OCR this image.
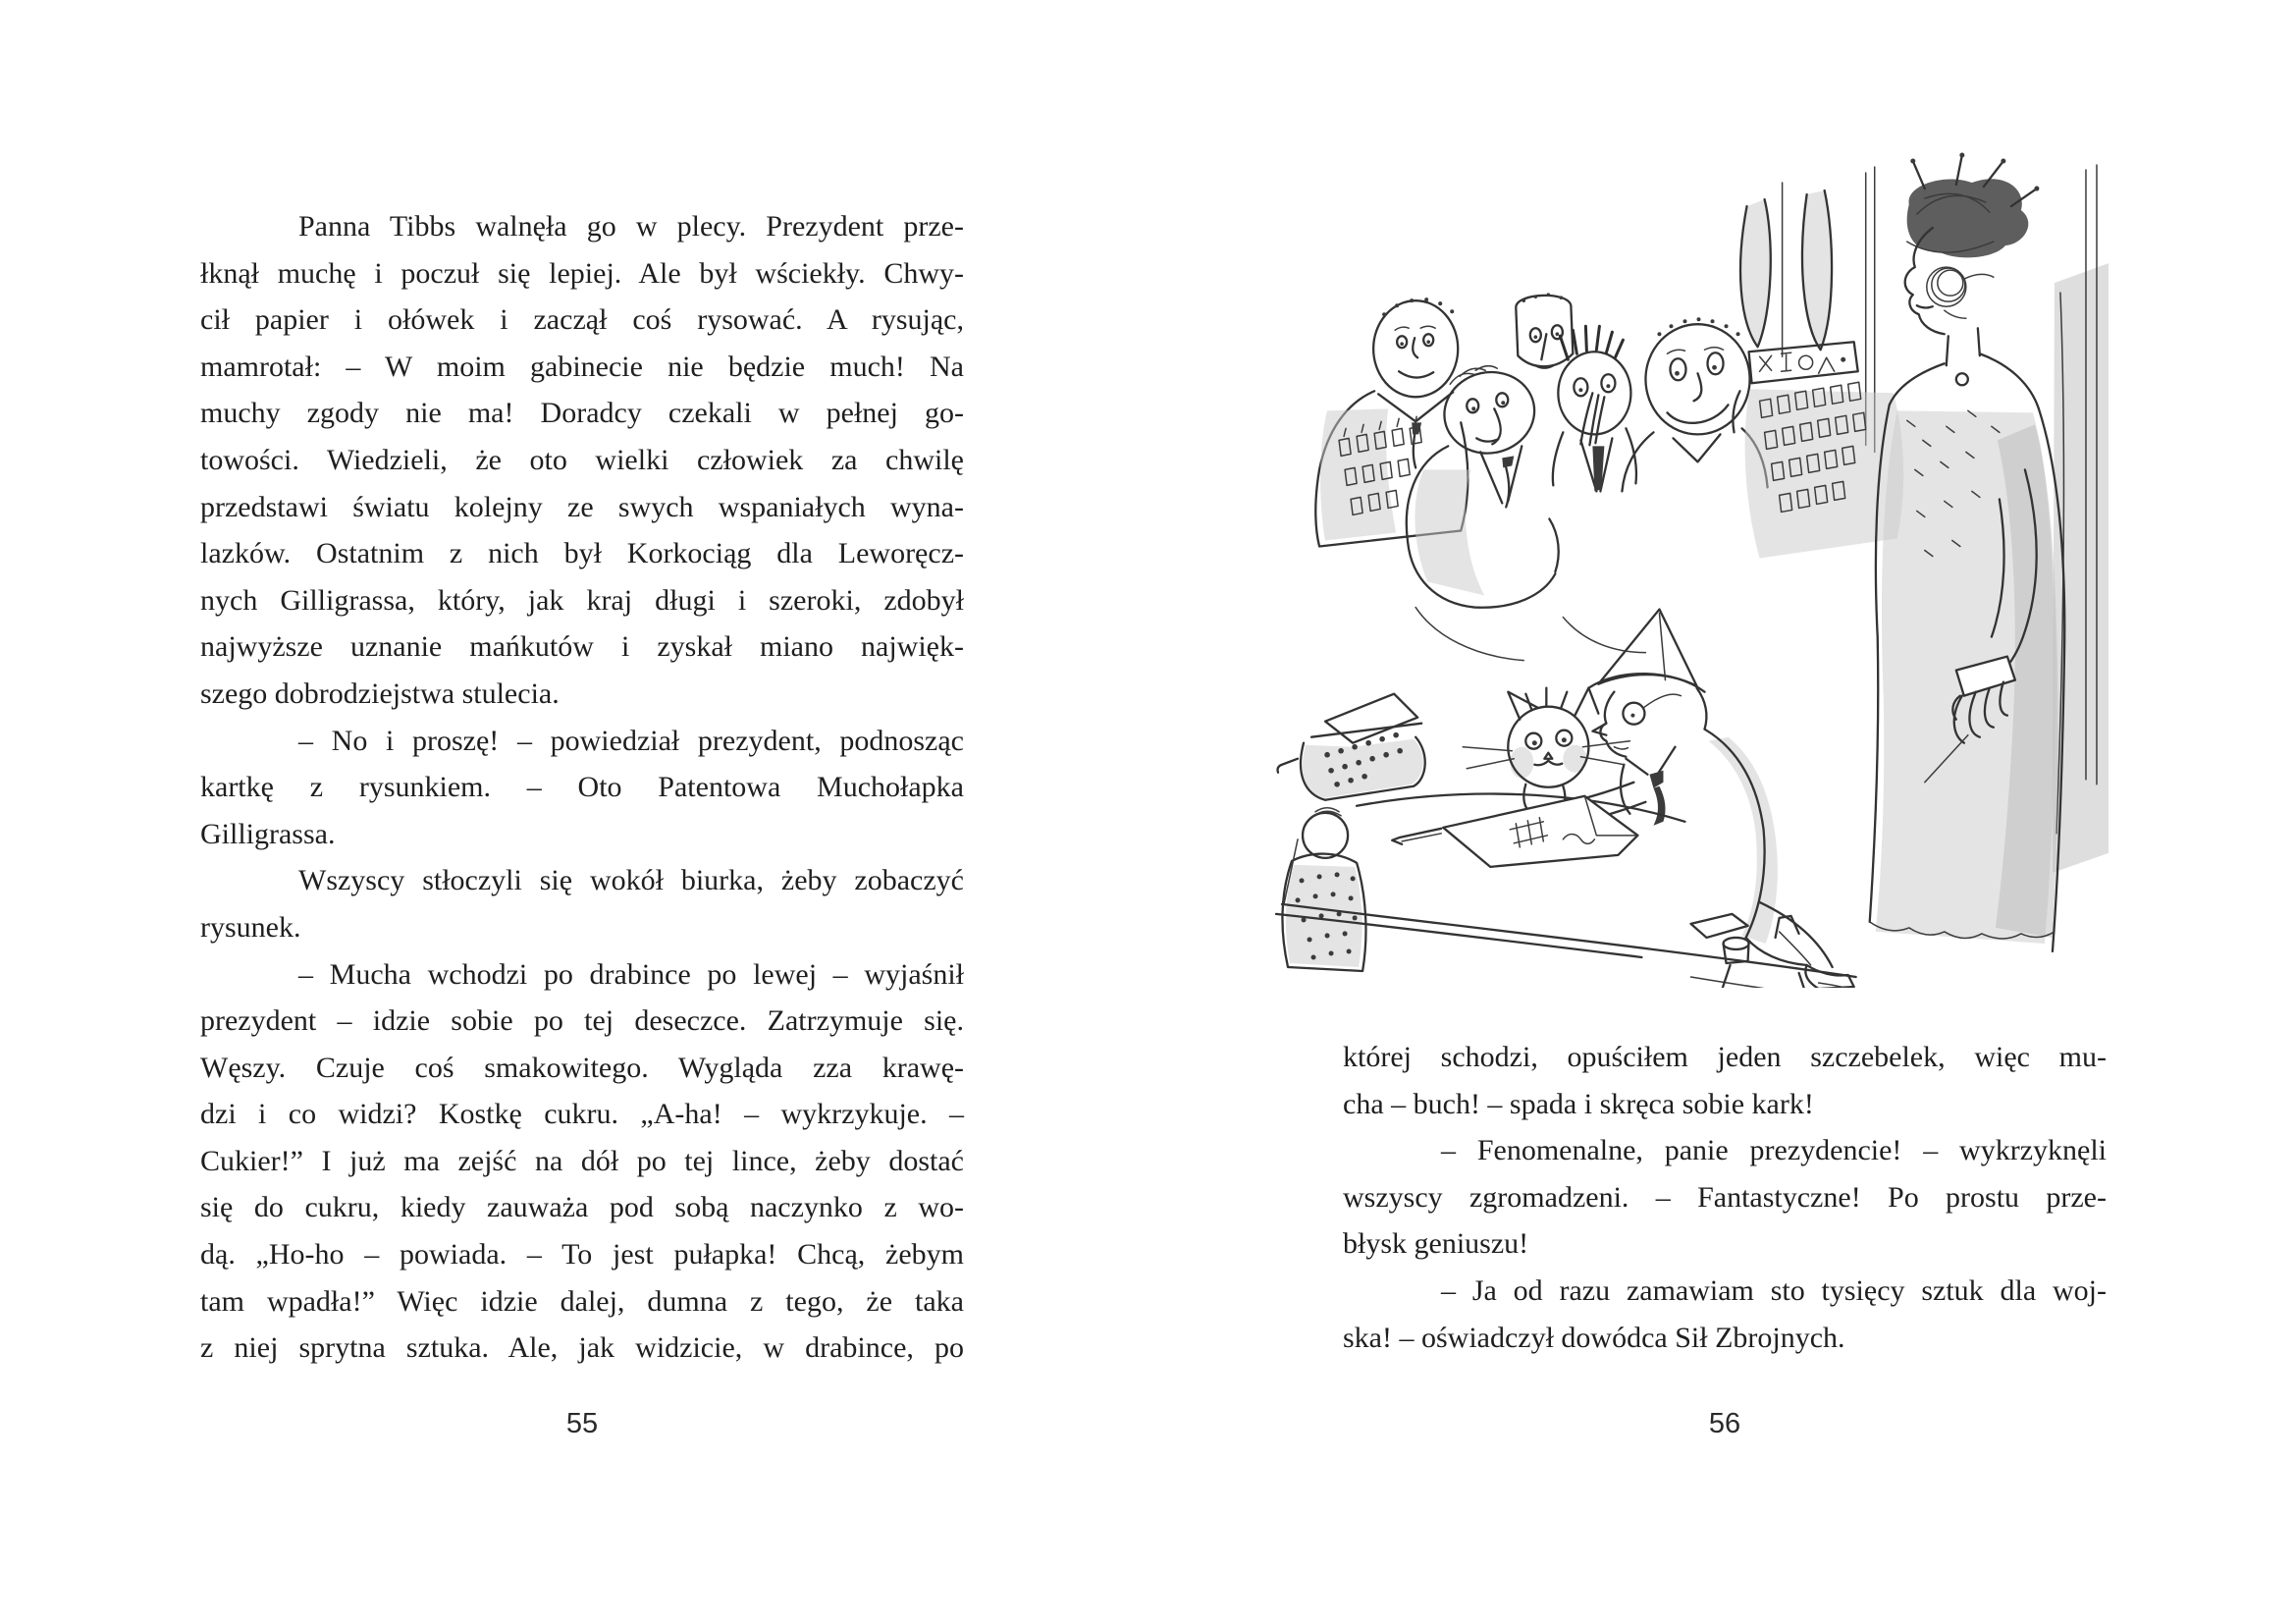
Panna Tibbs walnęła go w plecy. Prezydent prze-
łknął muchę i poczuł się lepiej. Ale był wściekły. Chwy-
cił papier i ołówek i zaczął coś rysować. A rysując,
mamrotał: – W moim gabinecie nie będzie much! Na
muchy zgody nie ma! Doradcy czekali w pełnej go-
towości. Wiedzieli, że oto wielki człowiek za chwilę
przedstawi światu kolejny ze swych wspaniałych wyna-
lazków. Ostatnim z nich był Korkociąg dla Leworęcz-
nych Gilligrassa, który, jak kraj długi i szeroki, zdobył
najwyższe uznanie mańkutów i zyskał miano najwięk-
szego dobrodziejstwa stulecia.
– No i proszę! – powiedział prezydent, podnosząc
kartkę z rysunkiem. – Oto Patentowa Muchołapka
Gilligrassa.
Wszyscy stłoczyli się wokół biurka, żeby zobaczyć
rysunek.
– Mucha wchodzi po drabince po lewej – wyjaśnił
prezydent – idzie sobie po tej deseczce. Zatrzymuje się.
Węszy. Czuje coś smakowitego. Wygląda zza krawę-
dzi i co widzi? Kostkę cukru. „A-ha! – wykrzykuje. –
Cukier!” I już ma zejść na dół po tej lince, żeby dostać
się do cukru, kiedy zauważa pod sobą naczynko z wo-
dą. „Ho-ho – powiada. – To jest pułapka! Chcą, żebym
tam wpadła!” Więc idzie dalej, dumna z tego, że taka
z niej sprytna sztuka. Ale, jak widzicie, w drabince, po
55
której schodzi, opuściłem jeden szczebelek, więc mu-
cha – buch! – spada i skręca sobie kark!
– Fenomenalne, panie prezydencie! – wykrzyknęli
wszyscy zgromadzeni. – Fantastyczne! Po prostu prze-
błysk geniuszu!
– Ja od razu zamawiam sto tysięcy sztuk dla woj-
ska! – oświadczył dowódca Sił Zbrojnych.
56
